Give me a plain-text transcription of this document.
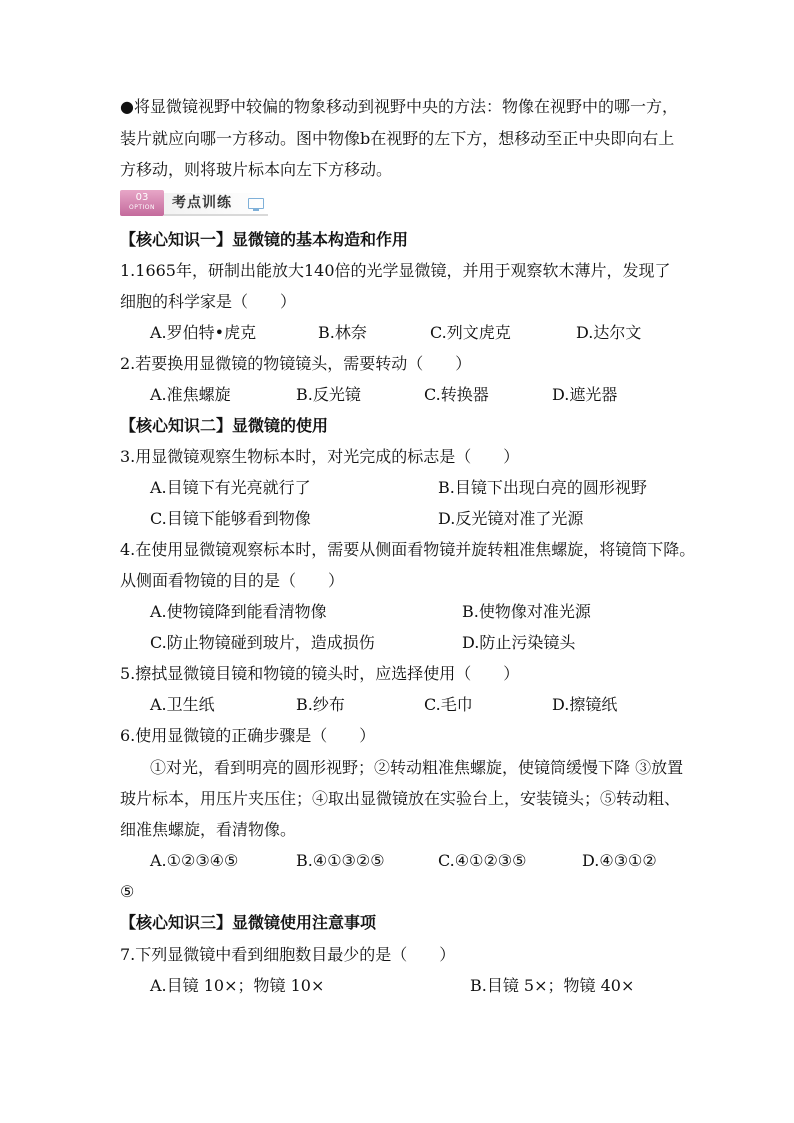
●将显微镜视野中较偏的物象移动到视野中央的方法：物像在视野中的哪一方，
装片就应向哪一方移动。图中物像b在视野的左下方，想移动至正中央即向右上
方移动，则将玻片标本向左下方移动。
03
OPTION	考点训练
【核心知识一】显微镜的基本构造和作用
1.1665年，研制出能放大140倍的光学显微镜，并用于观察软木薄片，发现了
细胞的科学家是（　　）
A.罗伯特•虎克	B.林奈	C.列文虎克	D.达尔文
2.若要换用显微镜的物镜镜头，需要转动（　　）
A.准焦螺旋	B.反光镜	C.转换器	D.遮光器
【核心知识二】显微镜的使用
3.用显微镜观察生物标本时，对光完成的标志是（　　）
A.目镜下有光亮就行了	B.目镜下出现白亮的圆形视野
C.目镜下能够看到物像	D.反光镜对准了光源
4.在使用显微镜观察标本时，需要从侧面看物镜并旋转粗准焦螺旋，将镜筒下降。
从侧面看物镜的目的是（　　）
A.使物镜降到能看清物像	B.使物像对准光源
C.防止物镜碰到玻片，造成损伤	D.防止污染镜头
5.擦拭显微镜目镜和物镜的镜头时，应选择使用（　　）
A.卫生纸	B.纱布	C.毛巾	D.擦镜纸
6.使用显微镜的正确步骤是（　　）
①对光，看到明亮的圆形视野；②转动粗准焦螺旋，使镜筒缓慢下降 ③放置
玻片标本，用压片夹压住；④取出显微镜放在实验台上，安装镜头；⑤转动粗、
细准焦螺旋，看清物像。
A.①②③④⑤	B.④①③②⑤	C.④①②③⑤	D.④③①②
⑤
【核心知识三】显微镜使用注意事项
7.下列显微镜中看到细胞数目最少的是（　　）
A.目镜 10×；物镜 10×	B.目镜 5×；物镜 40×
